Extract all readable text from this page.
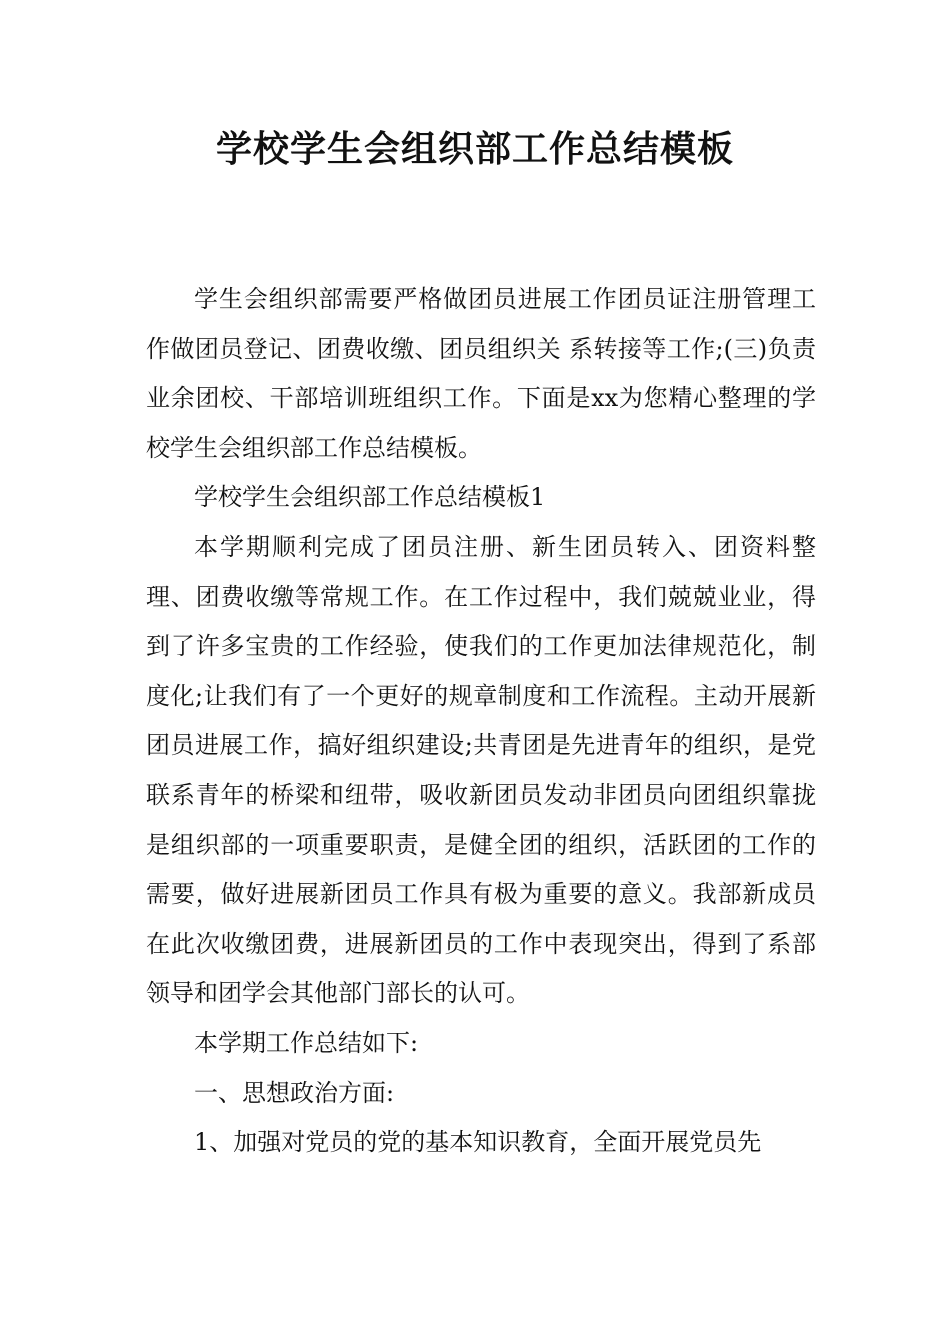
学校学生会组织部工作总结模板

学生会组织部需要严格做团员进展工作团员证注册管理工作做团员登记、团费收缴、团员组织关 系转接等工作;(三)负责业余团校、干部培训班组织工作。下面是xx为您精心整理的学校学生会组织部工作总结模板。

学校学生会组织部工作总结模板1

本学期顺利完成了团员注册、新生团员转入、团资料整理、团费收缴等常规工作。在工作过程中，我们兢兢业业，得到了许多宝贵的工作经验，使我们的工作更加法律规范化，制度化;让我们有了一个更好的规章制度和工作流程。主动开展新团员进展工作，搞好组织建设;共青团是先进青年的组织，是党联系青年的桥梁和纽带，吸收新团员发动非团员向团组织靠拢是组织部的一项重要职责，是健全团的组织，活跃团的工作的需要，做好进展新团员工作具有极为重要的意义。我部新成员在此次收缴团费，进展新团员的工作中表现突出，得到了系部领导和团学会其他部门部长的认可。

本学期工作总结如下:

一、思想政治方面:

1、加强对党员的党的基本知识教育，全面开展党员先
